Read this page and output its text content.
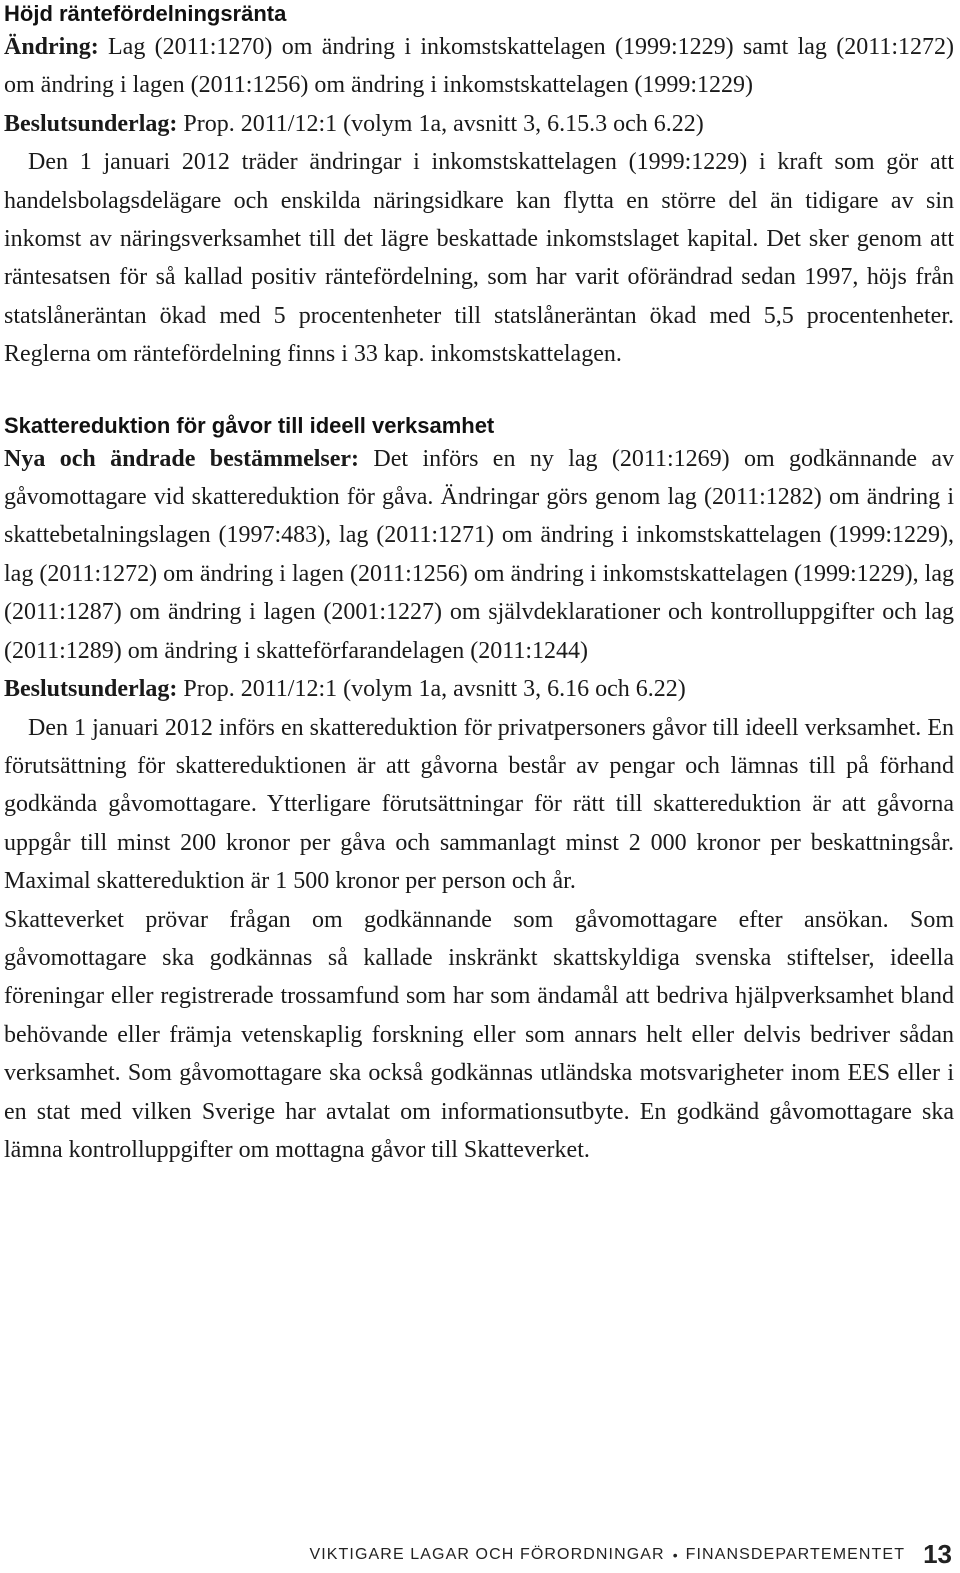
Höjd räntefördelningsränta

Ändring: Lag (2011:1270) om ändring i inkomstskattelagen (1999:1229) samt lag (2011:1272) om ändring i lagen (2011:1256) om ändring i inkomstskattelagen (1999:1229)

Beslutsunderlag: Prop. 2011/12:1 (volym 1a, avsnitt 3, 6.15.3 och 6.22)

Den 1 januari 2012 träder ändringar i inkomstskattelagen (1999:1229) i kraft som gör att handelsbolagsdelägare och enskilda näringsidkare kan flytta en större del än tidigare av sin inkomst av näringsverksamhet till det lägre beskattade inkomstslaget kapital. Det sker genom att räntesatsen för så kallad positiv räntefördelning, som har varit oförändrad sedan 1997, höjs från statslåneräntan ökad med 5 procentenheter till statslåneräntan ökad med 5,5 procentenheter. Reglerna om räntefördelning finns i 33 kap. inkomstskattelagen.

Skattereduktion för gåvor till ideell verksamhet

Nya och ändrade bestämmelser: Det införs en ny lag (2011:1269) om godkännande av gåvomottagare vid skattereduktion för gåva. Ändringar görs genom lag (2011:1282) om ändring i skattebetalningslagen (1997:483), lag (2011:1271) om ändring i inkomstskattelagen (1999:1229), lag (2011:1272) om ändring i lagen (2011:1256) om ändring i inkomstskattelagen (1999:1229), lag (2011:1287) om ändring i lagen (2001:1227) om självdeklarationer och kontrolluppgifter och lag (2011:1289) om ändring i skatteförfarandelagen (2011:1244)

Beslutsunderlag: Prop. 2011/12:1 (volym 1a, avsnitt 3, 6.16 och 6.22)

Den 1 januari 2012 införs en skattereduktion för privatpersoners gåvor till ideell verksamhet. En förutsättning för skattereduktionen är att gåvorna består av pengar och lämnas till på förhand godkända gåvomottagare. Ytterligare förutsättningar för rätt till skattereduktion är att gåvorna uppgår till minst 200 kronor per gåva och sammanlagt minst 2 000 kronor per beskattningsår. Maximal skattereduktion är 1 500 kronor per person och år.

Skatteverket prövar frågan om godkännande som gåvomottagare efter ansökan. Som gåvomottagare ska godkännas så kallade inskränkt skattskyldiga svenska stiftelser, ideella föreningar eller registrerade trossamfund som har som ändamål att bedriva hjälpverksamhet bland behövande eller främja vetenskaplig forskning eller som annars helt eller delvis bedriver sådan verksamhet. Som gåvomottagare ska också godkännas utländska motsvarigheter inom EES eller i en stat med vilken Sverige har avtalat om informationsutbyte. En godkänd gåvomottagare ska lämna kontrolluppgifter om mottagna gåvor till Skatteverket.

VIKTIGARE LAGAR OCH FÖRORDNINGAR • FINANSDEPARTEMENTET 13
